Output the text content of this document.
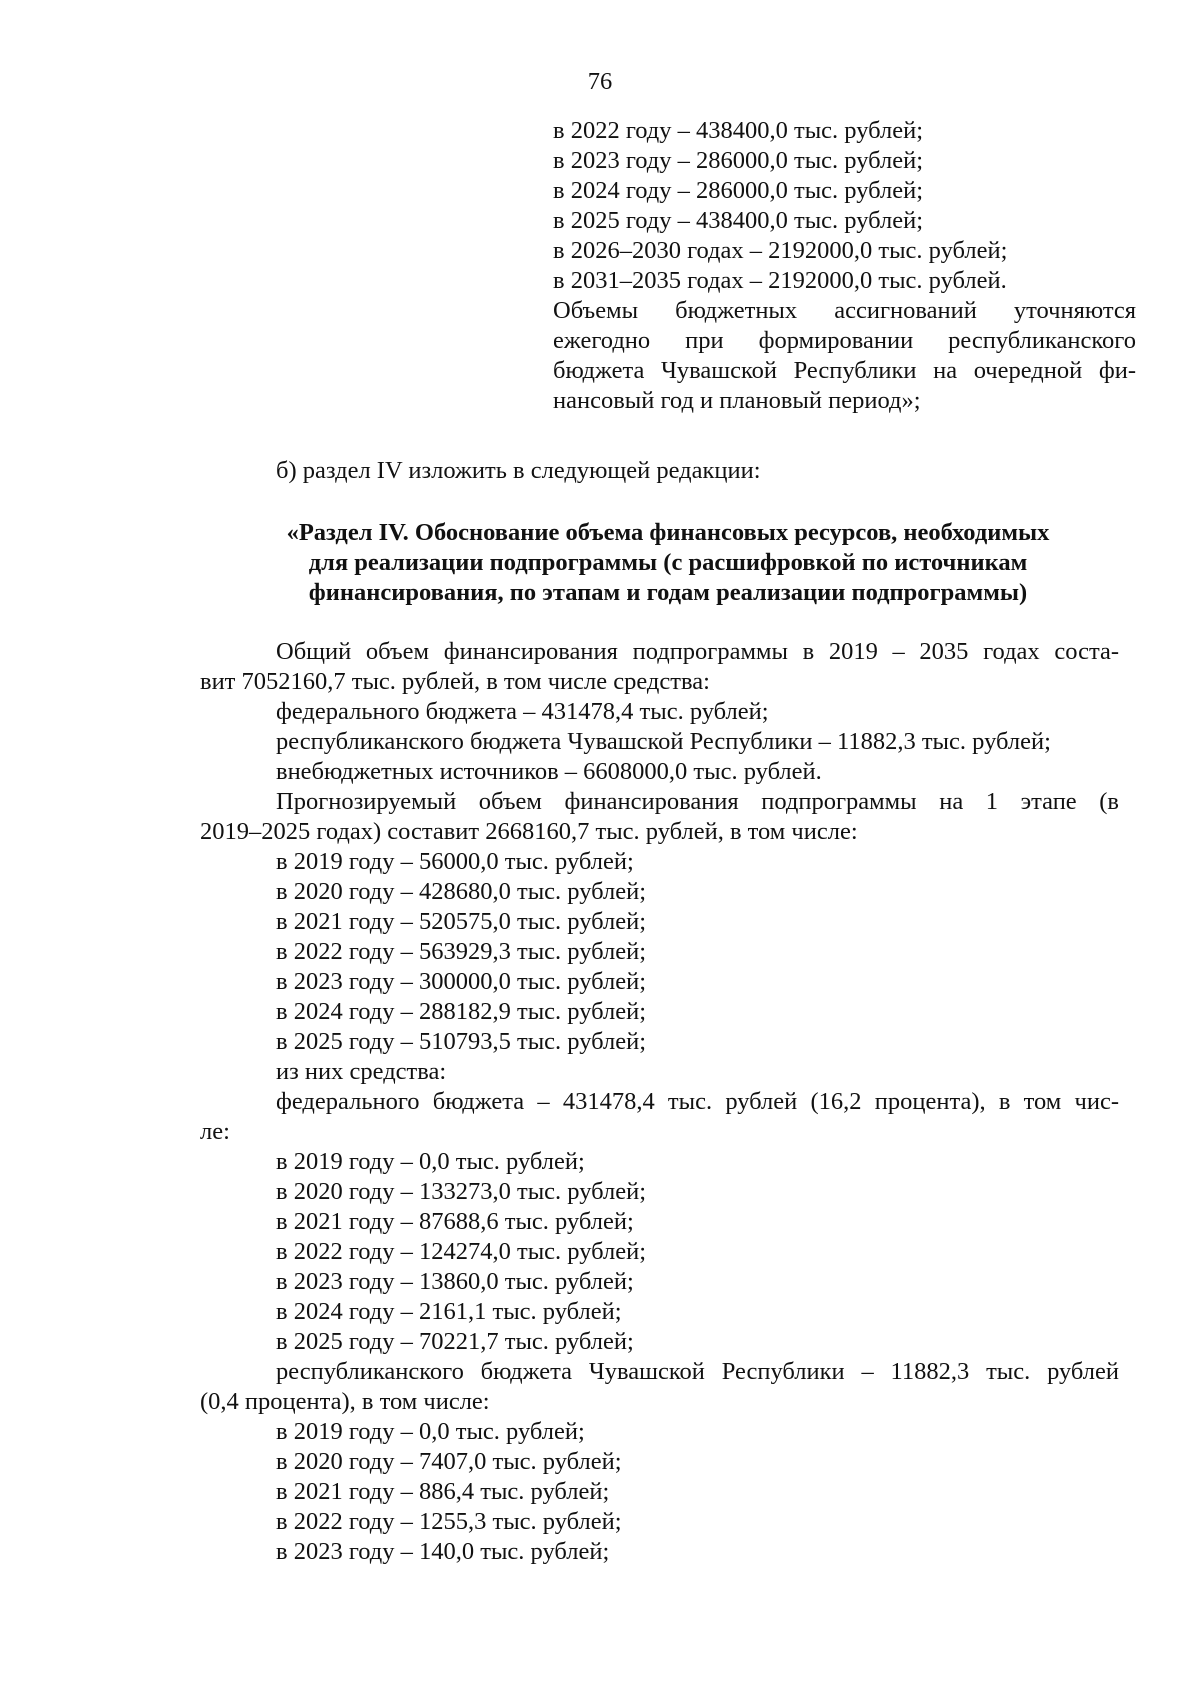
76
в 2022 году – 438400,0 тыс. рублей;
в 2023 году – 286000,0 тыс. рублей;
в 2024 году – 286000,0 тыс. рублей;
в 2025 году – 438400,0 тыс. рублей;
в 2026–2030 годах – 2192000,0 тыс. рублей;
в 2031–2035 годах – 2192000,0 тыс. рублей.
Объемы бюджетных ассигнований уточняются
ежегодно при формировании республиканского
бюджета Чувашской Республики на очередной фи-
нансовый год и плановый период»;
б) раздел IV изложить в следующей редакции:
«Раздел IV. Обоснование объема финансовых ресурсов, необходимых
для реализации подпрограммы (с расшифровкой по источникам
финансирования, по этапам и годам реализации подпрограммы)
Общий объем финансирования подпрограммы в 2019 – 2035 годах соста-
вит 7052160,7 тыс. рублей, в том числе средства:
федерального бюджета – 431478,4 тыс. рублей;
республиканского бюджета Чувашской Республики – 11882,3 тыс. рублей;
внебюджетных источников – 6608000,0 тыс. рублей.
Прогнозируемый объем финансирования подпрограммы на 1 этапе (в
2019–2025 годах) составит 2668160,7 тыс. рублей, в том числе:
в 2019 году – 56000,0 тыс. рублей;
в 2020 году – 428680,0 тыс. рублей;
в 2021 году – 520575,0 тыс. рублей;
в 2022 году – 563929,3 тыс. рублей;
в 2023 году – 300000,0 тыс. рублей;
в 2024 году – 288182,9 тыс. рублей;
в 2025 году – 510793,5 тыс. рублей;
из них средства:
федерального бюджета – 431478,4 тыс. рублей (16,2 процента), в том чис-
ле:
в 2019 году – 0,0 тыс. рублей;
в 2020 году – 133273,0 тыс. рублей;
в 2021 году – 87688,6 тыс. рублей;
в 2022 году – 124274,0 тыс. рублей;
в 2023 году – 13860,0 тыс. рублей;
в 2024 году – 2161,1 тыс. рублей;
в 2025 году – 70221,7 тыс. рублей;
республиканского бюджета Чувашской Республики – 11882,3 тыс. рублей
(0,4 процента), в том числе:
в 2019 году – 0,0 тыс. рублей;
в 2020 году – 7407,0 тыс. рублей;
в 2021 году – 886,4 тыс. рублей;
в 2022 году – 1255,3 тыс. рублей;
в 2023 году – 140,0 тыс. рублей;
